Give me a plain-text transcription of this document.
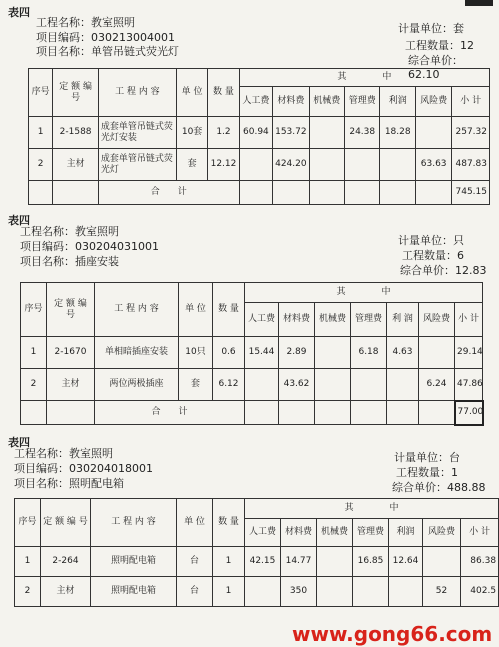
表四
工程名称：教室照明
项目编码：030213004001
项目名称：单管吊链式荧光灯
计量单位：套
工程数量：12
综合单价：62.10
序号	定 额 编 号	工 程 内 容	单 位	数 量	其　　　　中						
					人工费	材料费	机械费	管理费	利润	风险费	小 计
1	2-1588	成套单管吊链式荧光灯安装	10套	1.2	60.94	153.72		24.38	18.28		257.32
2	主材	成套单管吊链式荧光灯	套	12.12		424.20				63.63	487.83
		合　　计									745.15
表四
工程名称：教室照明
项目编码：030204031001
项目名称：插座安装
计量单位：只
工程数量：6
综合单价：12.83
序号	定 额 编 号	工 程 内 容	单 位	数 量	其　　　　中						
					人工费	材料费	机械费	管理费	利 润	风险费	小 计
1	2-1670	单相暗插座安装	10只	0.6	15.44	2.89		6.18	4.63		29.14
2	主材	两位两极插座	套	6.12		43.62				6.24	47.86
		合　　计									77.00
表四
工程名称：教室照明
项目编码：030204018001
项目名称：照明配电箱
计量单位：台
工程数量：1
综合单价：488.88
序号	定 额 编 号	工 程 内 容	单 位	数 量	其　　　　中						
					人工费	材料费	机械费	管理费	利润	风险费	小 计
1	2-264	照明配电箱	台	1	42.15	14.77		16.85	12.64		86.38
2	主材	照明配电箱	台	1		350				52	402.5
www.gong66.com
